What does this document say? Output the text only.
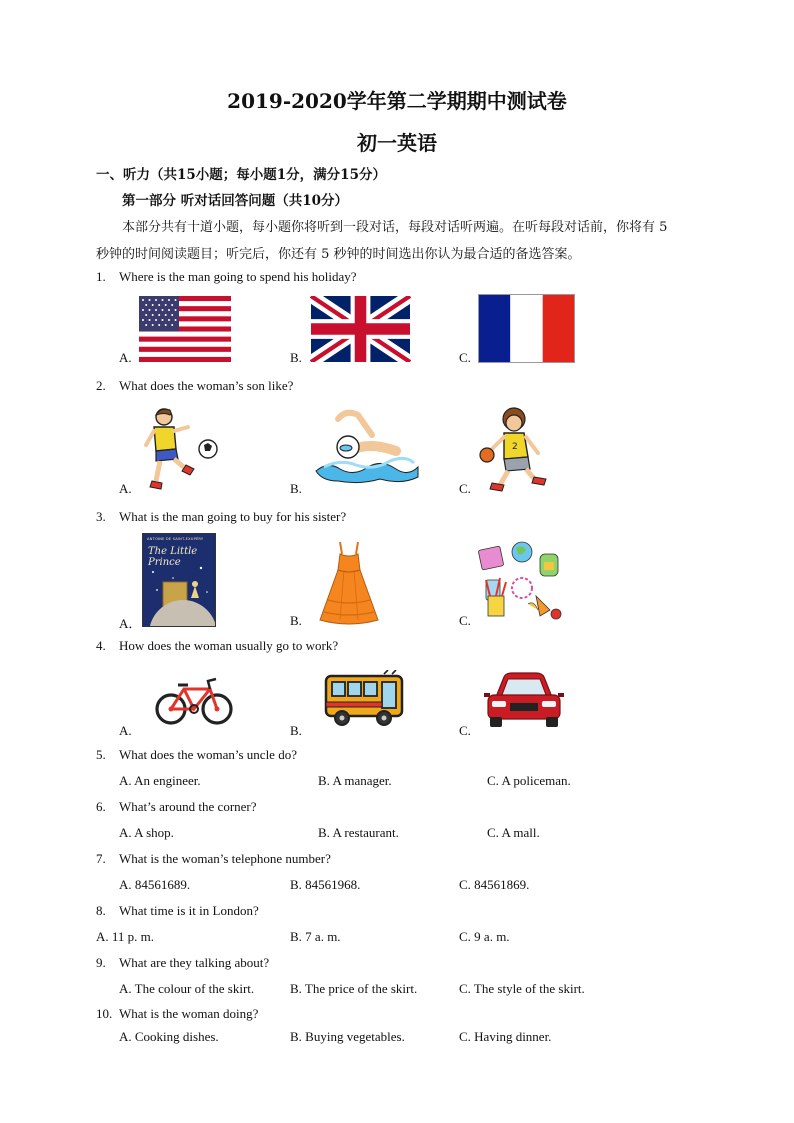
2019-2020学年第二学期期中测试卷
初一英语
一、听力（共15小题；每小题1分，满分15分）
第一部分 听对话回答问题（共10分）
本部分共有十道小题，每小题你将听到一段对话，每段对话听两遍。在听每段对话前，你将有 5
秒钟的时间阅读题目；听完后，你还有 5 秒钟的时间选出你认为最合适的备选答案。
1. Where is the man going to spend his holiday?
A.	B.	C.
2. What does the woman’s son like?
A.	B.	C.
2
3. What is the man going to buy for his sister?
A．	B.	C.
ANTOINE DE SAINT-EXUPÉRY
The Little Prince
4. How does the woman usually go to work?
A.	B.	C.
5. What does the woman’s uncle do?
A. An engineer.	B. A manager.	C. A policeman.
6. What’s around the corner?
A. A shop.	B. A restaurant.	C. A mall.
7. What is the woman’s telephone number?
A. 84561689.	B. 84561968.	C. 84561869.
8. What time is it in London?
A. 11 p. m.	B. 7 a. m.	C. 9 a. m.
9. What are they talking about?
A. The colour of the skirt.	B. The price of the skirt.	C. The style of the skirt.
10. What is the woman doing?
A. Cooking dishes.	B. Buying vegetables.	C. Having dinner.
